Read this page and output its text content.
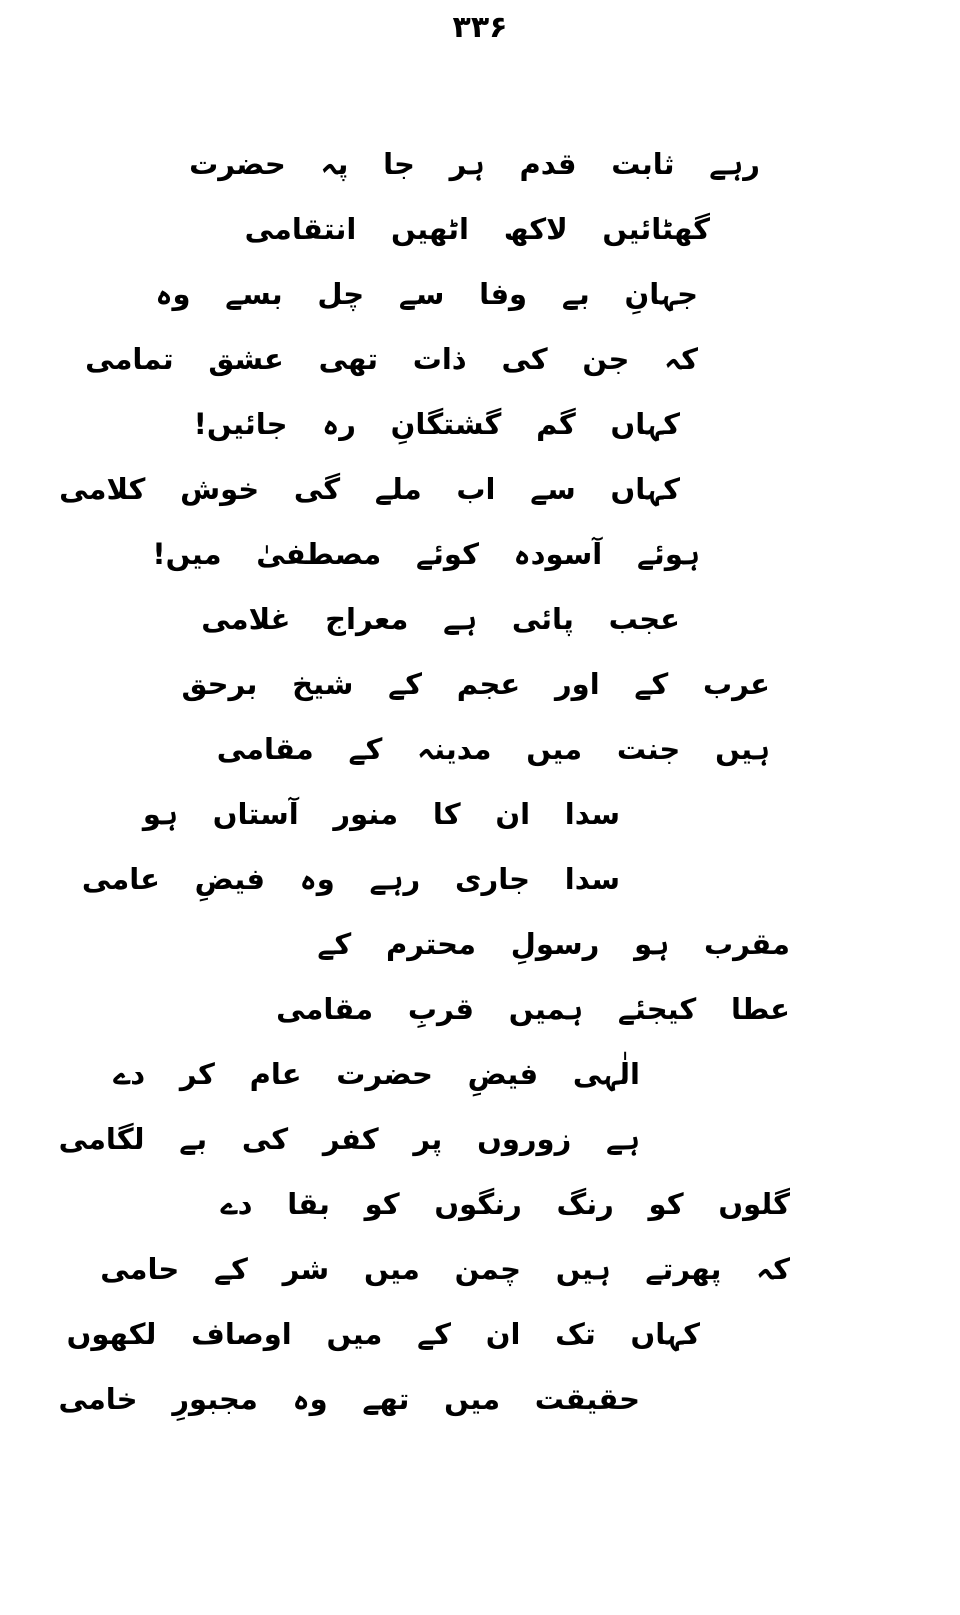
۳۳۶
رہے ثابت قدم ہر جا پہ حضرت
گھٹائیں لاکھ اٹھیں انتقامی
جہانِ بے وفا سے چل بسے وہ
کہ جن کی ذات تھی عشق تمامی
کہاں گم گشتگانِ رہ جائیں!
کہاں سے اب ملے گی خوش کلامی
ہوئے آسودہ کوئے مصطفیٰ میں!
عجب پائی ہے معراج غلامی
عرب کے اور عجم کے شیخ برحق
ہیں جنت میں مدینہ کے مقامی
سدا ان کا منور آستاں ہو
سدا جاری رہے وہ فیضِ عامی
مقرب ہو رسولِ محترم کے
عطا کیجئے ہمیں قربِ مقامی
الٰہی فیضِ حضرت عام کر دے
ہے زوروں پر کفر کی بے لگامی
گلوں کو رنگ رنگوں کو بقا دے
کہ پھرتے ہیں چمن میں شر کے حامی
کہاں تک ان کے میں اوصاف لکھوں
حقیقت میں تھے وہ مجبورِ خامی
